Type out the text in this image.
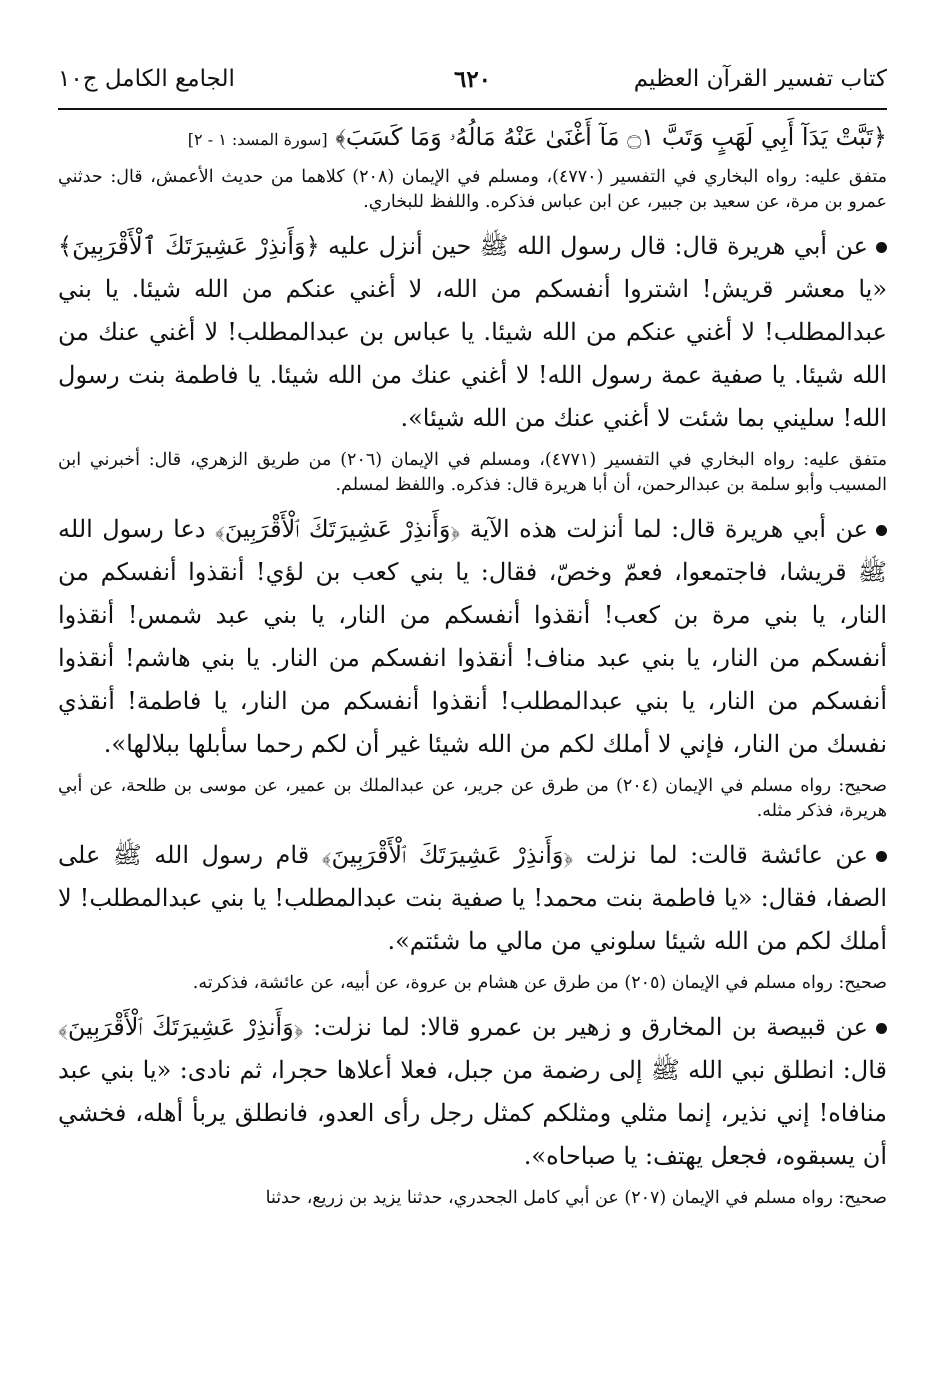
كتاب تفسير القرآن العظيم
٦٢٠
الجامع الكامل ج١٠

﴿تَبَّتْ يَدَآ أَبِي لَهَبٍ وَتَبَّ ۝١ مَآ أَغْنَىٰ عَنْهُ مَالُهُۥ وَمَا كَسَبَ﴾ [سورة المسد: ١ - ٢]

متفق عليه: رواه البخاري في التفسير (٤٧٧٠)، ومسلم في الإيمان (٢٠٨) كلاهما من حديث الأعمش، قال: حدثني عمرو بن مرة، عن سعيد بن جبير، عن ابن عباس فذكره. واللفظ للبخاري.

عن أبي هريرة قال: قال رسول الله ﷺ حين أنزل عليه ﴿وَأَنذِرْ عَشِيرَتَكَ ٱلْأَقْرَبِينَ﴾ «يا معشر قريش! اشتروا أنفسكم من الله، لا أغني عنكم من الله شيئا. يا بني عبدالمطلب! لا أغني عنكم من الله شيئا. يا عباس بن عبدالمطلب! لا أغني عنك من الله شيئا. يا صفية عمة رسول الله! لا أغني عنك من الله شيئا. يا فاطمة بنت رسول الله! سليني بما شئت لا أغني عنك من الله شيئا».

متفق عليه: رواه البخاري في التفسير (٤٧٧١)، ومسلم في الإيمان (٢٠٦) من طريق الزهري، قال: أخبرني ابن المسيب وأبو سلمة بن عبدالرحمن، أن أبا هريرة قال: فذكره. واللفظ لمسلم.

عن أبي هريرة قال: لما أنزلت هذه الآية ﴿وَأَنذِرْ عَشِيرَتَكَ ٱلْأَقْرَبِينَ﴾ دعا رسول الله ﷺ قريشا، فاجتمعوا، فعمّ وخصّ، فقال: يا بني كعب بن لؤي! أنقذوا أنفسكم من النار، يا بني مرة بن كعب! أنقذوا أنفسكم من النار، يا بني عبد شمس! أنقذوا أنفسكم من النار، يا بني عبد مناف! أنقذوا انفسكم من النار. يا بني هاشم! أنقذوا أنفسكم من النار، يا بني عبدالمطلب! أنقذوا أنفسكم من النار، يا فاطمة! أنقذي نفسك من النار، فإني لا أملك لكم من الله شيئا غير أن لكم رحما سأبلها ببلالها».

صحيح: رواه مسلم في الإيمان (٢٠٤) من طرق عن جرير، عن عبدالملك بن عمير، عن موسى بن طلحة، عن أبي هريرة، فذكر مثله.

عن عائشة قالت: لما نزلت ﴿وَأَنذِرْ عَشِيرَتَكَ ٱلْأَقْرَبِينَ﴾ قام رسول الله ﷺ على الصفا، فقال: «يا فاطمة بنت محمد! يا صفية بنت عبدالمطلب! يا بني عبدالمطلب! لا أملك لكم من الله شيئا سلوني من مالي ما شئتم».

صحيح: رواه مسلم في الإيمان (٢٠٥) من طرق عن هشام بن عروة، عن أبيه، عن عائشة، فذكرته.

عن قبيصة بن المخارق و زهير بن عمرو قالا: لما نزلت: ﴿وَأَنذِرْ عَشِيرَتَكَ ٱلْأَقْرَبِينَ﴾ قال: انطلق نبي الله ﷺ إلى رضمة من جبل، فعلا أعلاها حجرا، ثم نادى: «يا بني عبد منافاه! إني نذير، إنما مثلي ومثلكم كمثل رجل رأى العدو، فانطلق يربأ أهله، فخشي أن يسبقوه، فجعل يهتف: يا صباحاه».

صحيح: رواه مسلم في الإيمان (٢٠٧) عن أبي كامل الجحدري، حدثنا يزيد بن زريع، حدثنا
